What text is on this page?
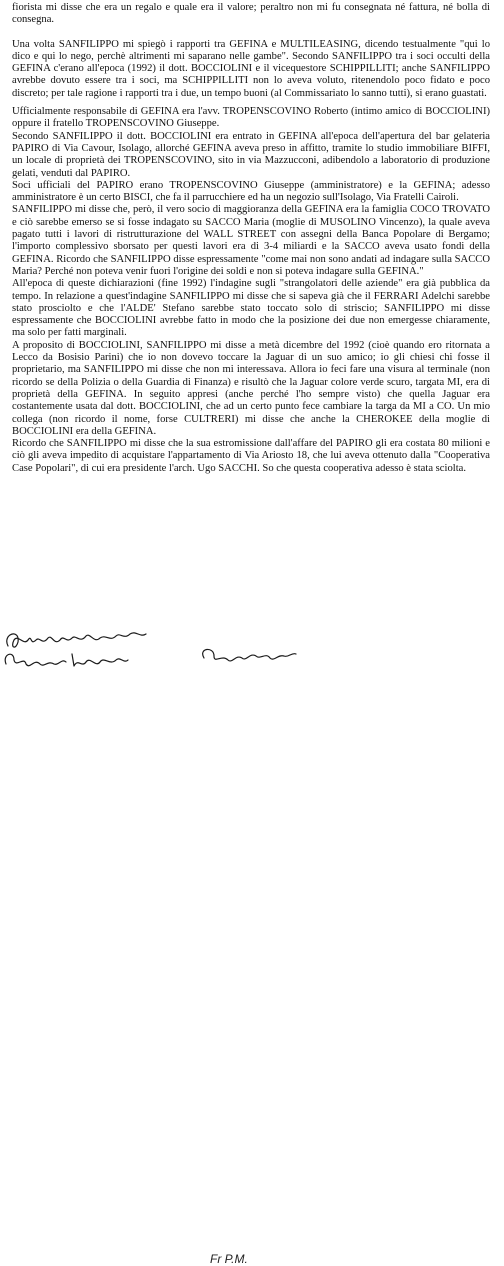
fiorista mi disse che era un regalo e quale era il valore; peraltro non mi fu consegnata né fattura, né bolla di consegna.

Una volta SANFILIPPO mi spiegò i rapporti tra GEFINA e MULTILEASING, dicendo testualmente "qui lo dico e qui lo nego, perchè altrimenti mi saparano nelle gambe". Secondo SANFILIPPO tra i soci occulti della GEFINA c'erano all'epoca (1992) il dott. BOCCIOLINI e il vicequestore SCHIPPILLITI; anche SANFILIPPO avrebbe dovuto essere tra i soci, ma SCHIPPILLITI non lo aveva voluto, ritenendolo poco fidato e poco discreto; per tale ragione i rapporti tra i due, un tempo buoni (al Commissariato lo sanno tutti), si erano guastati.

Ufficialmente responsabile di GEFINA era l'avv. TROPENSCOVINO Roberto (intimo amico di BOCCIOLINI) oppure il fratello TROPENSCOVINO Giuseppe.

Secondo SANFILIPPO il dott. BOCCIOLINI era entrato in GEFINA all'epoca dell'apertura del bar gelateria PAPIRO di Via Cavour, Isolago, allorché GEFINA aveva preso in affitto, tramite lo studio immobiliare BIFFI, un locale di proprietà dei TROPENSCOVINO, sito in via Mazzucconi, adibendolo a laboratorio di produzione gelati, venduti dal PAPIRO.

Soci ufficiali del PAPIRO erano TROPENSCOVINO Giuseppe (amministratore) e la GEFINA; adesso amministratore è un certo BISCI, che fa il parrucchiere ed ha un negozio sull'Isolago, Via Fratelli Cairoli.

SANFILIPPO mi disse che, però, il vero socio di maggioranza della GEFINA era la famiglia COCO TROVATO e ciò sarebbe emerso se si fosse indagato su SACCO Maria (moglie di MUSOLINO Vincenzo), la quale aveva pagato tutti i lavori di ristrutturazione del WALL STREET con assegni della Banca Popolare di Bergamo; l'importo complessivo sborsato per questi lavori era di 3-4 miliardi e la SACCO aveva usato fondi della GEFINA. Ricordo che SANFILIPPO disse espressamente "come mai non sono andati ad indagare sulla SACCO Maria? Perché non poteva venir fuori l'origine dei soldi e non si poteva indagare sulla GEFINA."

All'epoca di queste dichiarazioni (fine 1992) l'indagine sugli "strangolatori delle aziende" era già pubblica da tempo. In relazione a quest'indagine SANFILIPPO mi disse che si sapeva già che il FERRARI Adelchi sarebbe stato prosciolto e che l'ALDE' Stefano sarebbe stato toccato solo di striscio; SANFILIPPO mi disse espressamente che BOCCIOLINI avrebbe fatto in modo che la posizione dei due non emergesse chiaramente, ma solo per fatti marginali.

A proposito di BOCCIOLINI, SANFILIPPO mi disse a metà dicembre del 1992 (cioè quando ero ritornata a Lecco da Bosisio Parini) che io non dovevo toccare la Jaguar di un suo amico; io gli chiesi chi fosse il proprietario, ma SANFILIPPO mi disse che non mi interessava. Allora io feci fare una visura al terminale (non ricordo se della Polizia o della Guardia di Finanza) e risultò che la Jaguar colore verde scuro, targata MI, era di proprietà della GEFINA. In seguito appresi (anche perché l'ho sempre visto) che quella Jaguar era costantemente usata dal dott. BOCCIOLINI, che ad un certo punto fece cambiare la targa da MI a CO. Un mio collega (non ricordo il nome, forse CULTRERI) mi disse che anche la CHEROKEE della moglie di BOCCIOLINI era della GEFINA.

Ricordo che SANFILIPPO mi disse che la sua estromissione dall'affare del PAPIRO gli era costata 80 milioni e ciò gli aveva impedito di acquistare l'appartamento di Via Ariosto 18, che lui aveva ottenuto dalla "Cooperativa Case Popolari", di cui era presidente l'arch. Ugo SACCHI. So che questa cooperativa adesso è stata sciolta.

Fr P.M.
